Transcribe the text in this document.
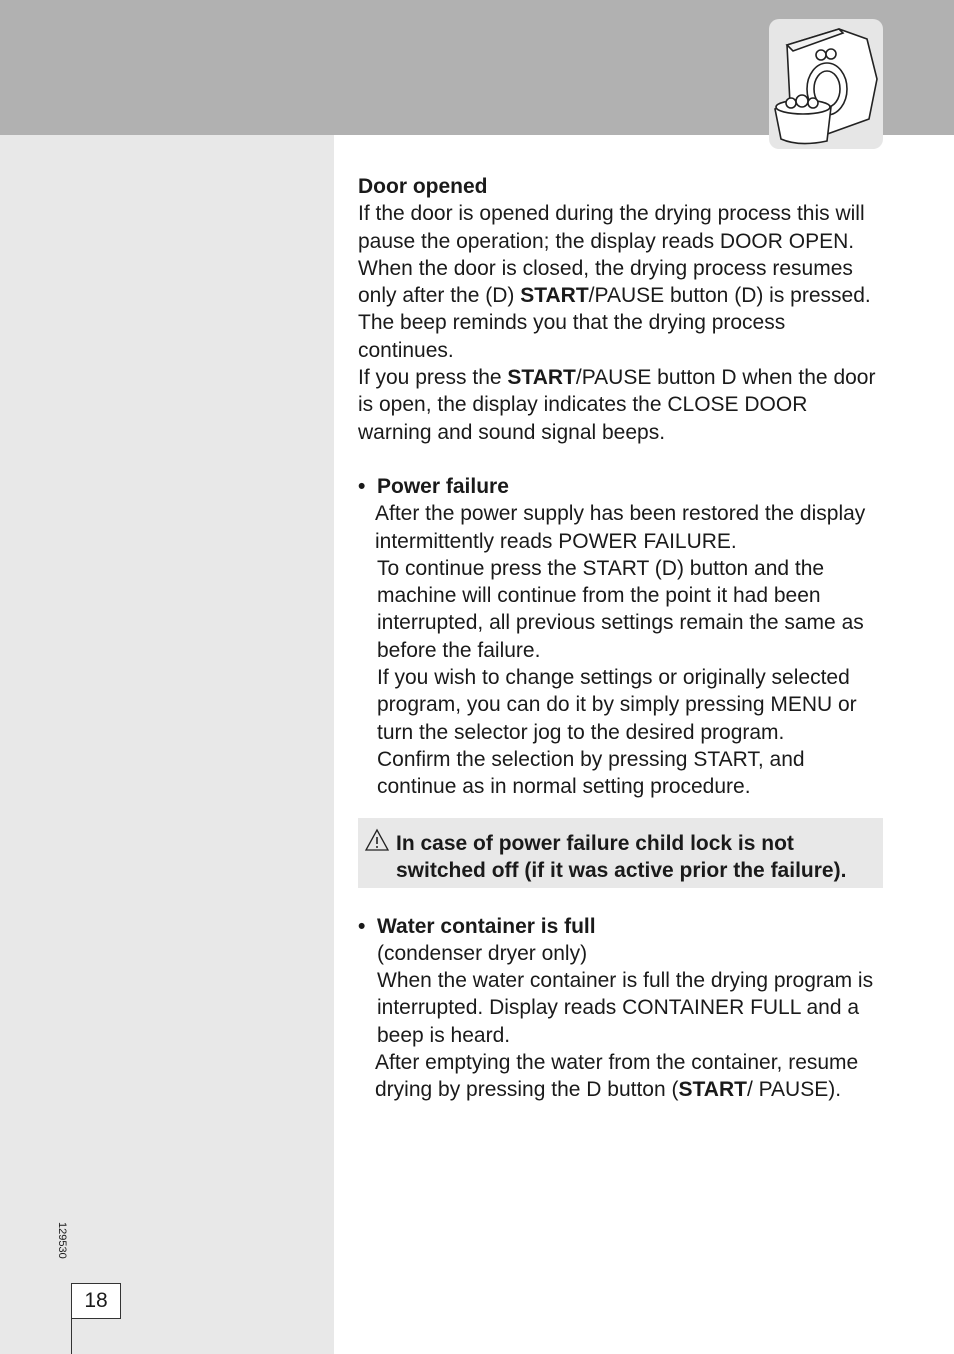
Door opened

If the door is opened during the drying process this will pause the operation; the display reads DOOR OPEN.

When the door is closed, the drying process resumes only after the (D) START/PAUSE button (D) is pressed. The beep reminds you that the drying process continues.

If you press the START/PAUSE button D when the door is open, the display indicates the CLOSE DOOR warning and sound signal beeps.

• Power failure

After the power supply has been restored the display intermittently reads POWER FAILURE.

To continue press the START (D) button and the machine will continue from the point it had been interrupted, all previous settings remain the same as before the failure.

If you wish to change settings or originally selected program, you can do it by simply pressing MENU or turn the selector jog to the desired program.

Confirm the selection by pressing START, and continue as in normal setting procedure.

In case of power failure child lock is not switched off (if it was active prior the failure).

• Water container is full

(condenser dryer only)

When the water container is full the drying program is interrupted. Display reads CONTAINER FULL and a beep is heard.

After emptying the water from the container, resume drying by pressing the D button (START/ PAUSE).

129530
18
